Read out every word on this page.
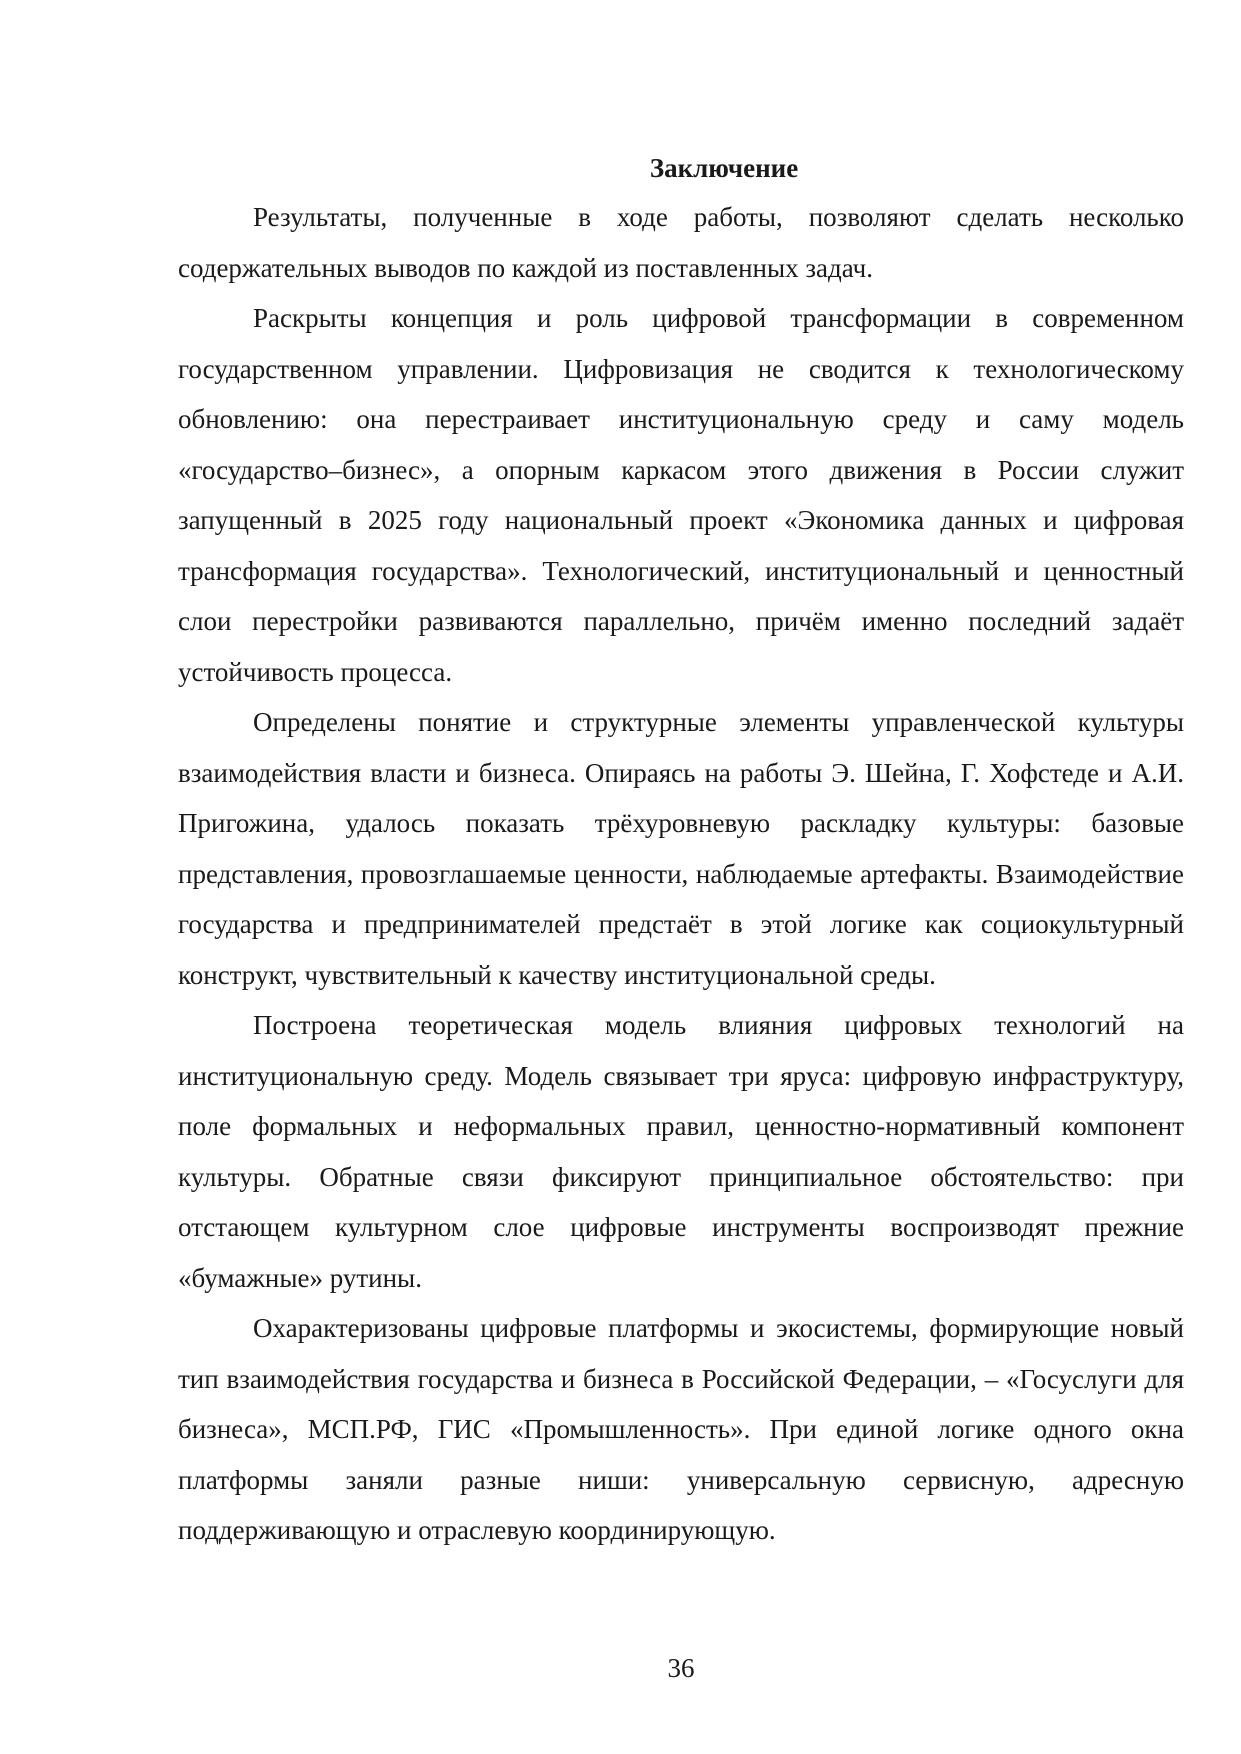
Заключение

Результаты, полученные в ходе работы, позволяют сделать несколько содержательных выводов по каждой из поставленных задач.

Раскрыты концепция и роль цифровой трансформации в современном государственном управлении. Цифровизация не сводится к технологическому обновлению: она перестраивает институциональную среду и саму модель «государство–бизнес», а опорным каркасом этого движения в России служит запущенный в 2025 году национальный проект «Экономика данных и цифровая трансформация государства». Технологический, институциональный и ценностный слои перестройки развиваются параллельно, причём именно последний задаёт устойчивость процесса.

Определены понятие и структурные элементы управленческой культуры взаимодействия власти и бизнеса. Опираясь на работы Э. Шейна, Г. Хофстеде и А.И. Пригожина, удалось показать трёхуровневую раскладку культуры: базовые представления, провозглашаемые ценности, наблюдаемые артефакты. Взаимодействие государства и предпринимателей предстаёт в этой логике как социокультурный конструкт, чувствительный к качеству институциональной среды.

Построена теоретическая модель влияния цифровых технологий на институциональную среду. Модель связывает три яруса: цифровую инфраструктуру, поле формальных и неформальных правил, ценностно-нормативный компонент культуры. Обратные связи фиксируют принципиальное обстоятельство: при отстающем культурном слое цифровые инструменты воспроизводят прежние «бумажные» рутины.

Охарактеризованы цифровые платформы и экосистемы, формирующие новый тип взаимодействия государства и бизнеса в Российской Федерации, – «Госуслуги для бизнеса», МСП.РФ, ГИС «Промышленность». При единой логике одного окна платформы заняли разные ниши: универсальную сервисную, адресную поддерживающую и отраслевую координирующую.

36
